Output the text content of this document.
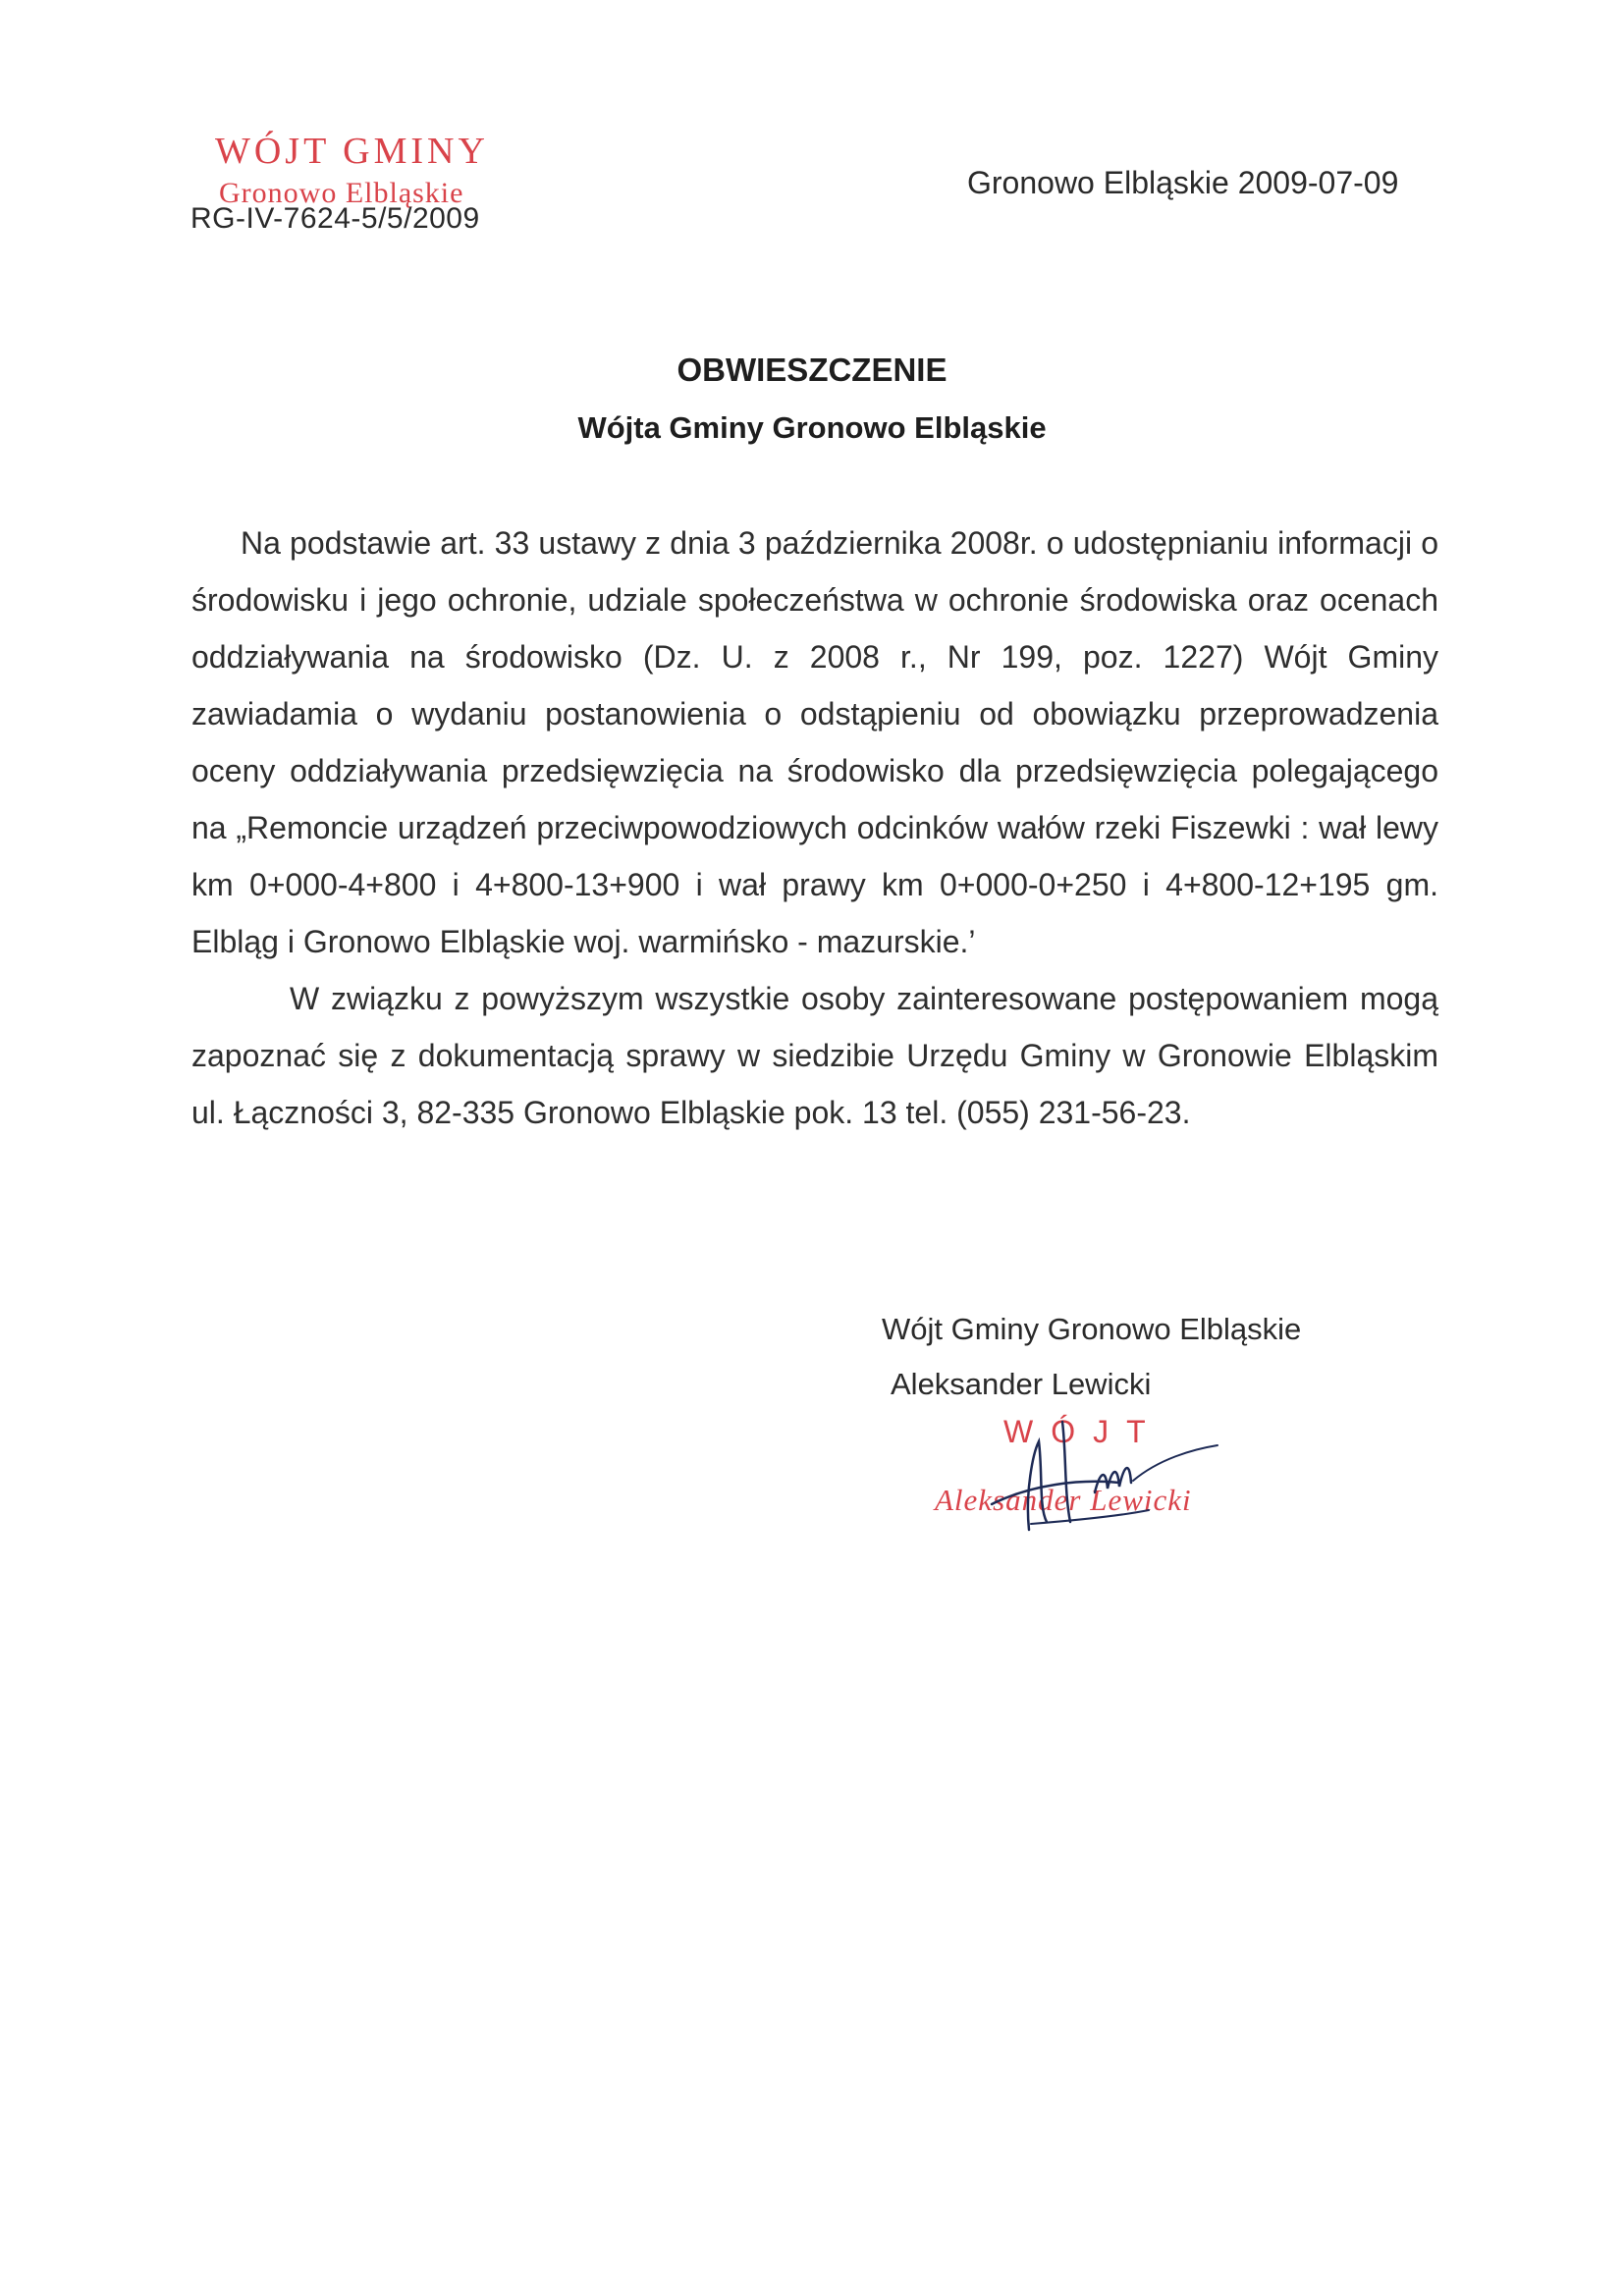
WÓJT GMINY
Gronowo Elbląskie
RG-IV-7624-5/5/2009
Gronowo Elbląskie 2009-07-09
OBWIESZCZENIE
Wójta Gminy Gronowo Elbląskie

Na podstawie art. 33 ustawy z dnia 3 października 2008r. o udostępnianiu informacji o środowisku i jego ochronie, udziale społeczeństwa w ochronie środowiska oraz ocenach oddziaływania na środowisko (Dz. U. z 2008 r., Nr 199, poz. 1227) Wójt Gminy zawiadamia o wydaniu postanowienia o odstąpieniu od obowiązku przeprowadzenia oceny oddziaływania przedsięwzięcia na środowisko dla przedsięwzięcia polegającego na „Remoncie urządzeń przeciwpowodziowych odcinków wałów rzeki Fiszewki : wał lewy km 0+000-4+800 i 4+800-13+900 i wał prawy km 0+000-0+250 i 4+800-12+195 gm. Elbląg i Gronowo Elbląskie woj. warmińsko - mazurskie.’

W związku z powyższym wszystkie osoby zainteresowane postępowaniem mogą zapoznać się z dokumentacją sprawy w siedzibie Urzędu Gminy w Gronowie Elbląskim ul. Łączności 3, 82-335 Gronowo Elbląskie pok. 13 tel. (055) 231-56-23.

Wójt Gminy Gronowo Elbląskie
Aleksander Lewicki
WÓJT
Aleksander Lewicki
